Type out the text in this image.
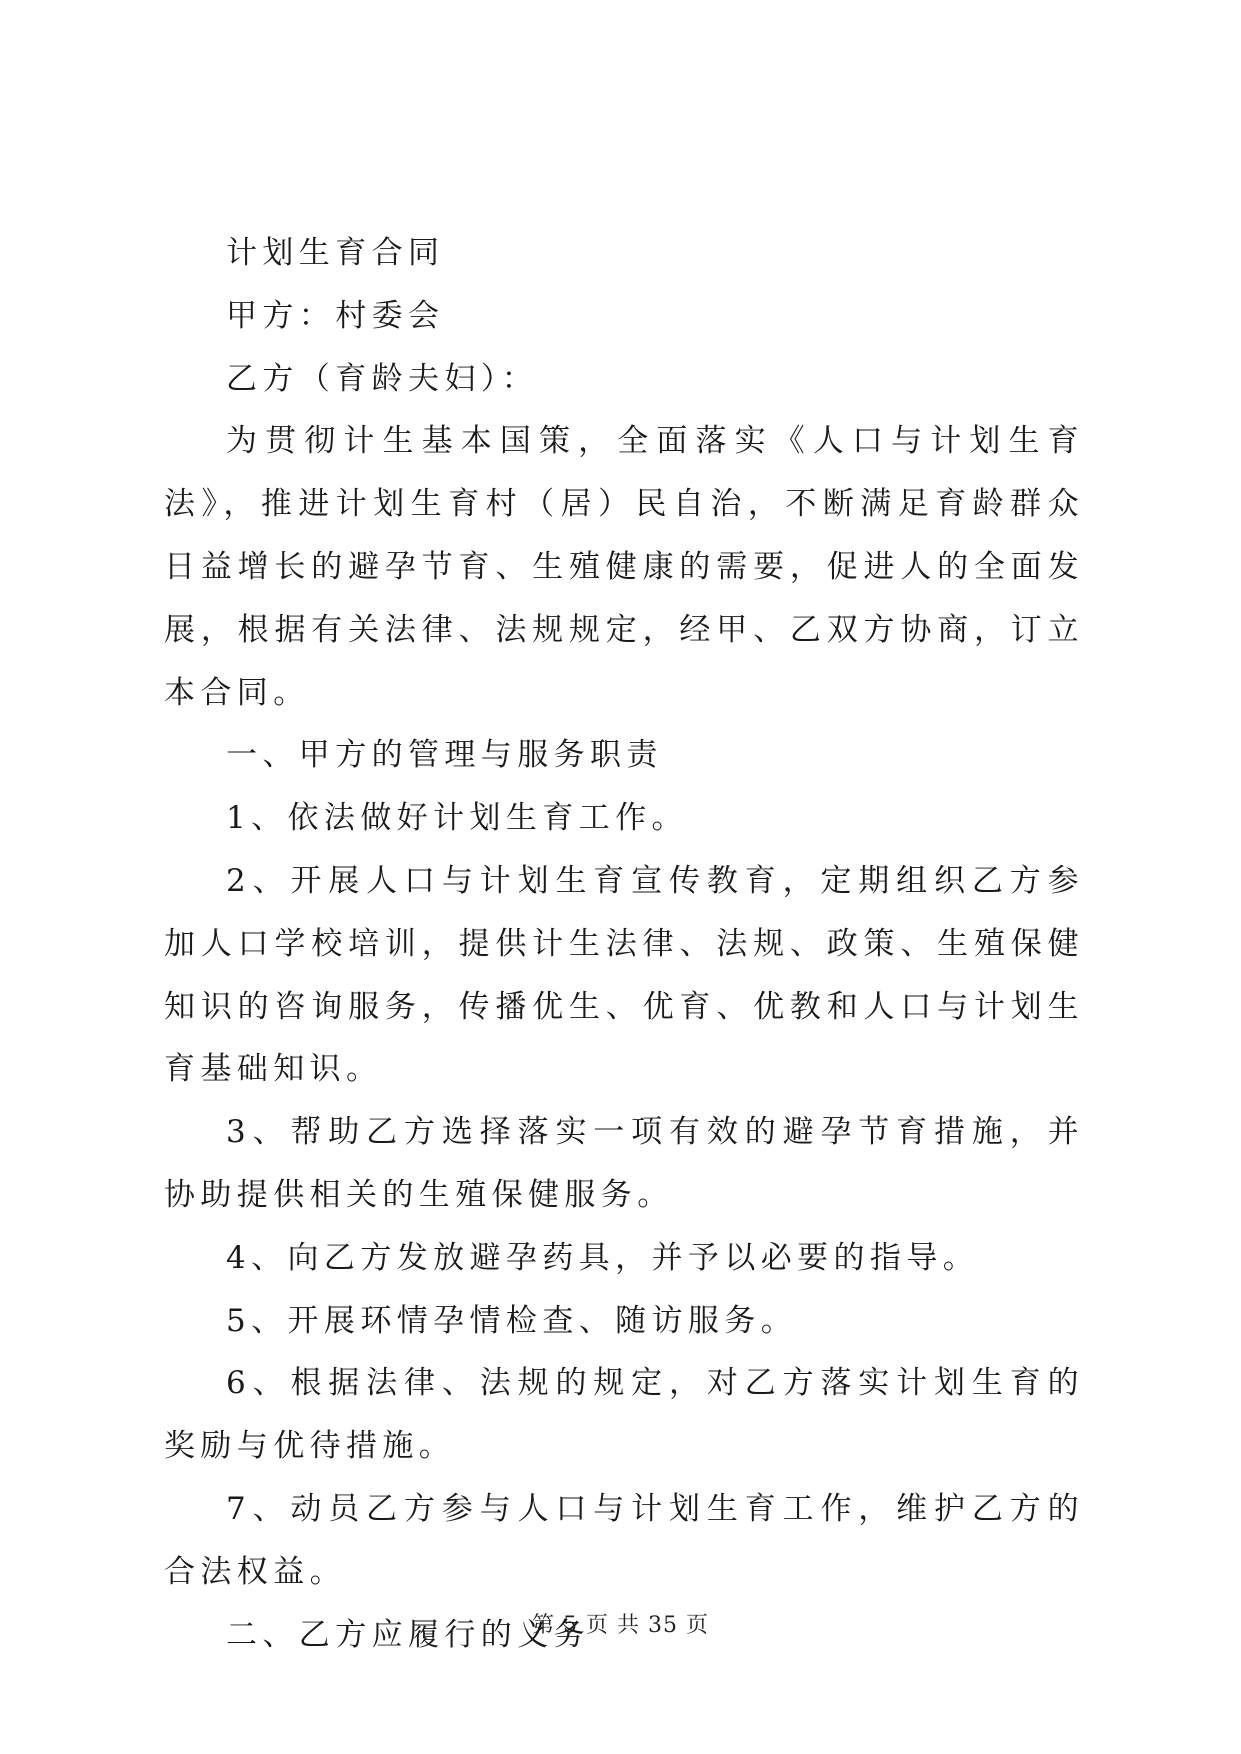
计划生育合同

甲方：村委会

乙方（育龄夫妇）：

为贯彻计生基本国策，全面落实《人口与计划生育法》，推进计划生育村（居）民自治，不断满足育龄群众日益增长的避孕节育、生殖健康的需要，促进人的全面发展，根据有关法律、法规规定，经甲、乙双方协商，订立本合同。

一、甲方的管理与服务职责

1、依法做好计划生育工作。

2、开展人口与计划生育宣传教育，定期组织乙方参加人口学校培训，提供计生法律、法规、政策、生殖保健知识的咨询服务，传播优生、优育、优教和人口与计划生育基础知识。

3、帮助乙方选择落实一项有效的避孕节育措施，并协助提供相关的生殖保健服务。

4、向乙方发放避孕药具，并予以必要的指导。

5、开展环情孕情检查、随访服务。

6、根据法律、法规的规定，对乙方落实计划生育的奖励与优待措施。

7、动员乙方参与人口与计划生育工作，维护乙方的合法权益。

二、乙方应履行的义务

第 5 页 共 35 页
